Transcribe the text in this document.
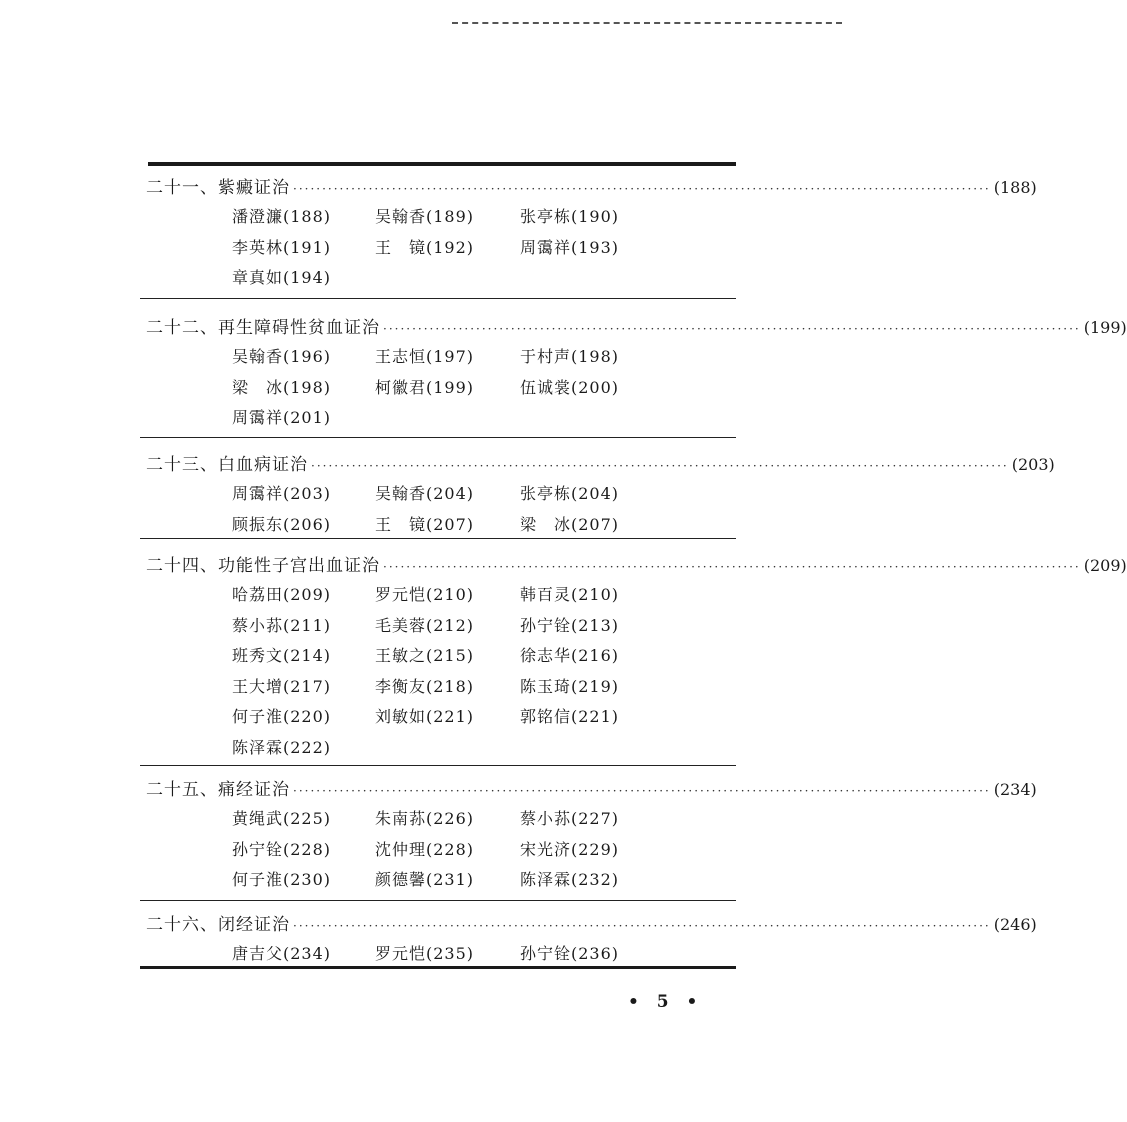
二十一、紫癜证治 ························································································································ (188)
潘澄濂(188)	吴翰香(189)	张亭栋(190)
李英林(191)	王　镜(192)	周霭祥(193)
章真如(194)
二十二、再生障碍性贫血证治 ························································································································ (199)
吴翰香(196)	王志恒(197)	于村声(198)
梁　冰(198)	柯徽君(199)	伍诚裳(200)
周霭祥(201)
二十三、白血病证治 ························································································································ (203)
周霭祥(203)	吴翰香(204)	张亭栋(204)
顾振东(206)	王　镜(207)	梁　冰(207)
二十四、功能性子宫出血证治 ························································································································ (209)
哈荔田(209)	罗元恺(210)	韩百灵(210)
蔡小荪(211)	毛美蓉(212)	孙宁铨(213)
班秀文(214)	王敏之(215)	徐志华(216)
王大增(217)	李衡友(218)	陈玉琦(219)
何子淮(220)	刘敏如(221)	郭铭信(221)
陈泽霖(222)
二十五、痛经证治 ························································································································ (234)
黄绳武(225)	朱南荪(226)	蔡小荪(227)
孙宁铨(228)	沈仲理(228)	宋光济(229)
何子淮(230)	颜德馨(231)	陈泽霖(232)
二十六、闭经证治 ························································································································ (246)
唐吉父(234)	罗元恺(235)	孙宁铨(236)
• 5 •
